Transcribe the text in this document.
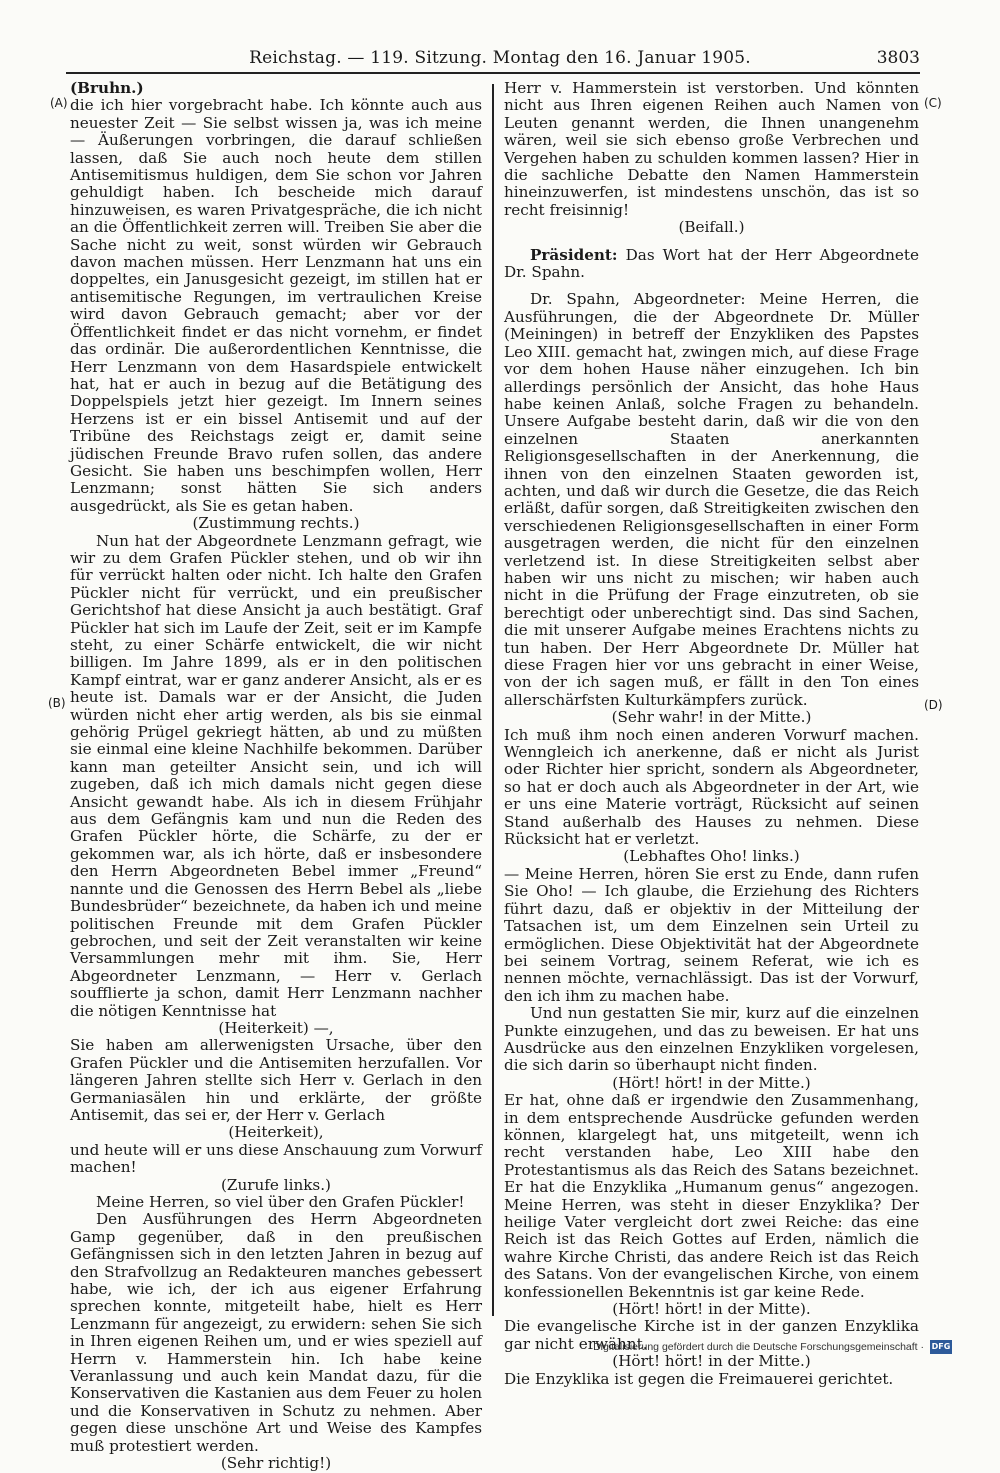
Reichstag. — 119. Sitzung. Montag den 16. Januar 1905.	3803
(A)
(B)
(C)
(D)

(Bruhn.)

die ich hier vorgebracht habe. Ich könnte auch aus neuester Zeit — Sie selbst wissen ja, was ich meine — Äußerungen vorbringen, die darauf schließen lassen, daß Sie auch noch heute dem stillen Antisemitismus huldigen, dem Sie schon vor Jahren gehuldigt haben. Ich bescheide mich darauf hinzuweisen, es waren Privatgespräche, die ich nicht an die Öffentlichkeit zerren will. Treiben Sie aber die Sache nicht zu weit, sonst würden wir Gebrauch davon machen müssen. Herr Lenzmann hat uns ein doppeltes, ein Janusgesicht gezeigt, im stillen hat er antisemitische Regungen, im vertraulichen Kreise wird davon Gebrauch gemacht; aber vor der Öffentlichkeit findet er das nicht vornehm, er findet das ordinär. Die außerordentlichen Kenntnisse, die Herr Lenzmann von dem Hasardspiele entwickelt hat, hat er auch in bezug auf die Betätigung des Doppelspiels jetzt hier gezeigt. Im Innern seines Herzens ist er ein bissel Antisemit und auf der Tribüne des Reichstags zeigt er, damit seine jüdischen Freunde Bravo rufen sollen, das andere Gesicht. Sie haben uns beschimpfen wollen, Herr Lenzmann; sonst hätten Sie sich anders ausgedrückt, als Sie es getan haben.

(Zustimmung rechts.)

Nun hat der Abgeordnete Lenzmann gefragt, wie wir zu dem Grafen Pückler stehen, und ob wir ihn für verrückt halten oder nicht. Ich halte den Grafen Pückler nicht für verrückt, und ein preußischer Gerichtshof hat diese Ansicht ja auch bestätigt. Graf Pückler hat sich im Laufe der Zeit, seit er im Kampfe steht, zu einer Schärfe entwickelt, die wir nicht billigen. Im Jahre 1899, als er in den politischen Kampf eintrat, war er ganz anderer Ansicht, als er es heute ist. Damals war er der Ansicht, die Juden würden nicht eher artig werden, als bis sie einmal gehörig Prügel gekriegt hätten, ab und zu müßten sie einmal eine kleine Nachhilfe bekommen. Darüber kann man geteilter Ansicht sein, und ich will zugeben, daß ich mich damals nicht gegen diese Ansicht gewandt habe. Als ich in diesem Frühjahr aus dem Gefängnis kam und nun die Reden des Grafen Pückler hörte, die Schärfe, zu der er gekommen war, als ich hörte, daß er insbesondere den Herrn Abgeordneten Bebel immer „Freund“ nannte und die Genossen des Herrn Bebel als „liebe Bundesbrüder“ bezeichnete, da haben ich und meine politischen Freunde mit dem Grafen Pückler gebrochen, und seit der Zeit veranstalten wir keine Versammlungen mehr mit ihm. Sie, Herr Abgeordneter Lenzmann, — Herr v. Gerlach soufflierte ja schon, damit Herr Lenzmann nachher die nötigen Kenntnisse hat

(Heiterkeit) —,

Sie haben am allerwenigsten Ursache, über den Grafen Pückler und die Antisemiten herzufallen. Vor längeren Jahren stellte sich Herr v. Gerlach in den Germaniasälen hin und erklärte, der größte Antisemit, das sei er, der Herr v. Gerlach

(Heiterkeit),

und heute will er uns diese Anschauung zum Vorwurf machen!

(Zurufe links.)

Meine Herren, so viel über den Grafen Pückler!

Den Ausführungen des Herrn Abgeordneten Gamp gegenüber, daß in den preußischen Gefängnissen sich in den letzten Jahren in bezug auf den Strafvollzug an Redakteuren manches gebessert habe, wie ich, der ich aus eigener Erfahrung sprechen konnte, mitgeteilt habe, hielt es Herr Lenzmann für angezeigt, zu erwidern: sehen Sie sich in Ihren eigenen Reihen um, und er wies speziell auf Herrn v. Hammerstein hin. Ich habe keine Veranlassung und auch kein Mandat dazu, für die Konservativen die Kastanien aus dem Feuer zu holen und die Konservativen in Schutz zu nehmen. Aber gegen diese unschöne Art und Weise des Kampfes muß protestiert werden.

(Sehr richtig!)

Herr v. Hammerstein ist verstorben. Und könnten nicht aus Ihren eigenen Reihen auch Namen von Leuten genannt werden, die Ihnen unangenehm wären, weil sie sich ebenso große Verbrechen und Vergehen haben zu schulden kommen lassen? Hier in die sachliche Debatte den Namen Hammerstein hineinzuwerfen, ist mindestens unschön, das ist so recht freisinnig!

(Beifall.)

Präsident: Das Wort hat der Herr Abgeordnete Dr. Spahn.

Dr. Spahn, Abgeordneter: Meine Herren, die Ausführungen, die der Abgeordnete Dr. Müller (Meiningen) in betreff der Enzykliken des Papstes Leo XIII. gemacht hat, zwingen mich, auf diese Frage vor dem hohen Hause näher einzugehen. Ich bin allerdings persönlich der Ansicht, das hohe Haus habe keinen Anlaß, solche Fragen zu behandeln. Unsere Aufgabe besteht darin, daß wir die von den einzelnen Staaten anerkannten Religionsgesellschaften in der Anerkennung, die ihnen von den einzelnen Staaten geworden ist, achten, und daß wir durch die Gesetze, die das Reich erläßt, dafür sorgen, daß Streitigkeiten zwischen den verschiedenen Religionsgesellschaften in einer Form ausgetragen werden, die nicht für den einzelnen verletzend ist. In diese Streitigkeiten selbst aber haben wir uns nicht zu mischen; wir haben auch nicht in die Prüfung der Frage einzutreten, ob sie berechtigt oder unberechtigt sind. Das sind Sachen, die mit unserer Aufgabe meines Erachtens nichts zu tun haben. Der Herr Abgeordnete Dr. Müller hat diese Fragen hier vor uns gebracht in einer Weise, von der ich sagen muß, er fällt in den Ton eines allerschärfsten Kulturkämpfers zurück.

(Sehr wahr! in der Mitte.)

Ich muß ihm noch einen anderen Vorwurf machen. Wenngleich ich anerkenne, daß er nicht als Jurist oder Richter hier spricht, sondern als Abgeordneter, so hat er doch auch als Abgeordneter in der Art, wie er uns eine Materie vorträgt, Rücksicht auf seinen Stand außerhalb des Hauses zu nehmen. Diese Rücksicht hat er verletzt.

(Lebhaftes Oho! links.)

— Meine Herren, hören Sie erst zu Ende, dann rufen Sie Oho! — Ich glaube, die Erziehung des Richters führt dazu, daß er objektiv in der Mitteilung der Tatsachen ist, um dem Einzelnen sein Urteil zu ermöglichen. Diese Objektivität hat der Abgeordnete bei seinem Vortrag, seinem Referat, wie ich es nennen möchte, vernachlässigt. Das ist der Vorwurf, den ich ihm zu machen habe.

Und nun gestatten Sie mir, kurz auf die einzelnen Punkte einzugehen, und das zu beweisen. Er hat uns Ausdrücke aus den einzelnen Enzykliken vorgelesen, die sich darin so überhaupt nicht finden.

(Hört! hört! in der Mitte.)

Er hat, ohne daß er irgendwie den Zusammenhang, in dem entsprechende Ausdrücke gefunden werden können, klargelegt hat, uns mitgeteilt, wenn ich recht verstanden habe, Leo XIII habe den Protestantismus als das Reich des Satans bezeichnet. Er hat die Enzyklika „Humanum genus“ angezogen. Meine Herren, was steht in dieser Enzyklika? Der heilige Vater vergleicht dort zwei Reiche: das eine Reich ist das Reich Gottes auf Erden, nämlich die wahre Kirche Christi, das andere Reich ist das Reich des Satans. Von der evangelischen Kirche, von einem konfessionellen Bekenntnis ist gar keine Rede.

(Hört! hört! in der Mitte).

Die evangelische Kirche ist in der ganzen Enzyklika gar nicht erwähnt.

(Hört! hört! in der Mitte.)

Die Enzyklika ist gegen die Freimauerei gerichtet.

Digitalisierung gefördert durch die Deutsche Forschungsgemeinschaft · DFG
